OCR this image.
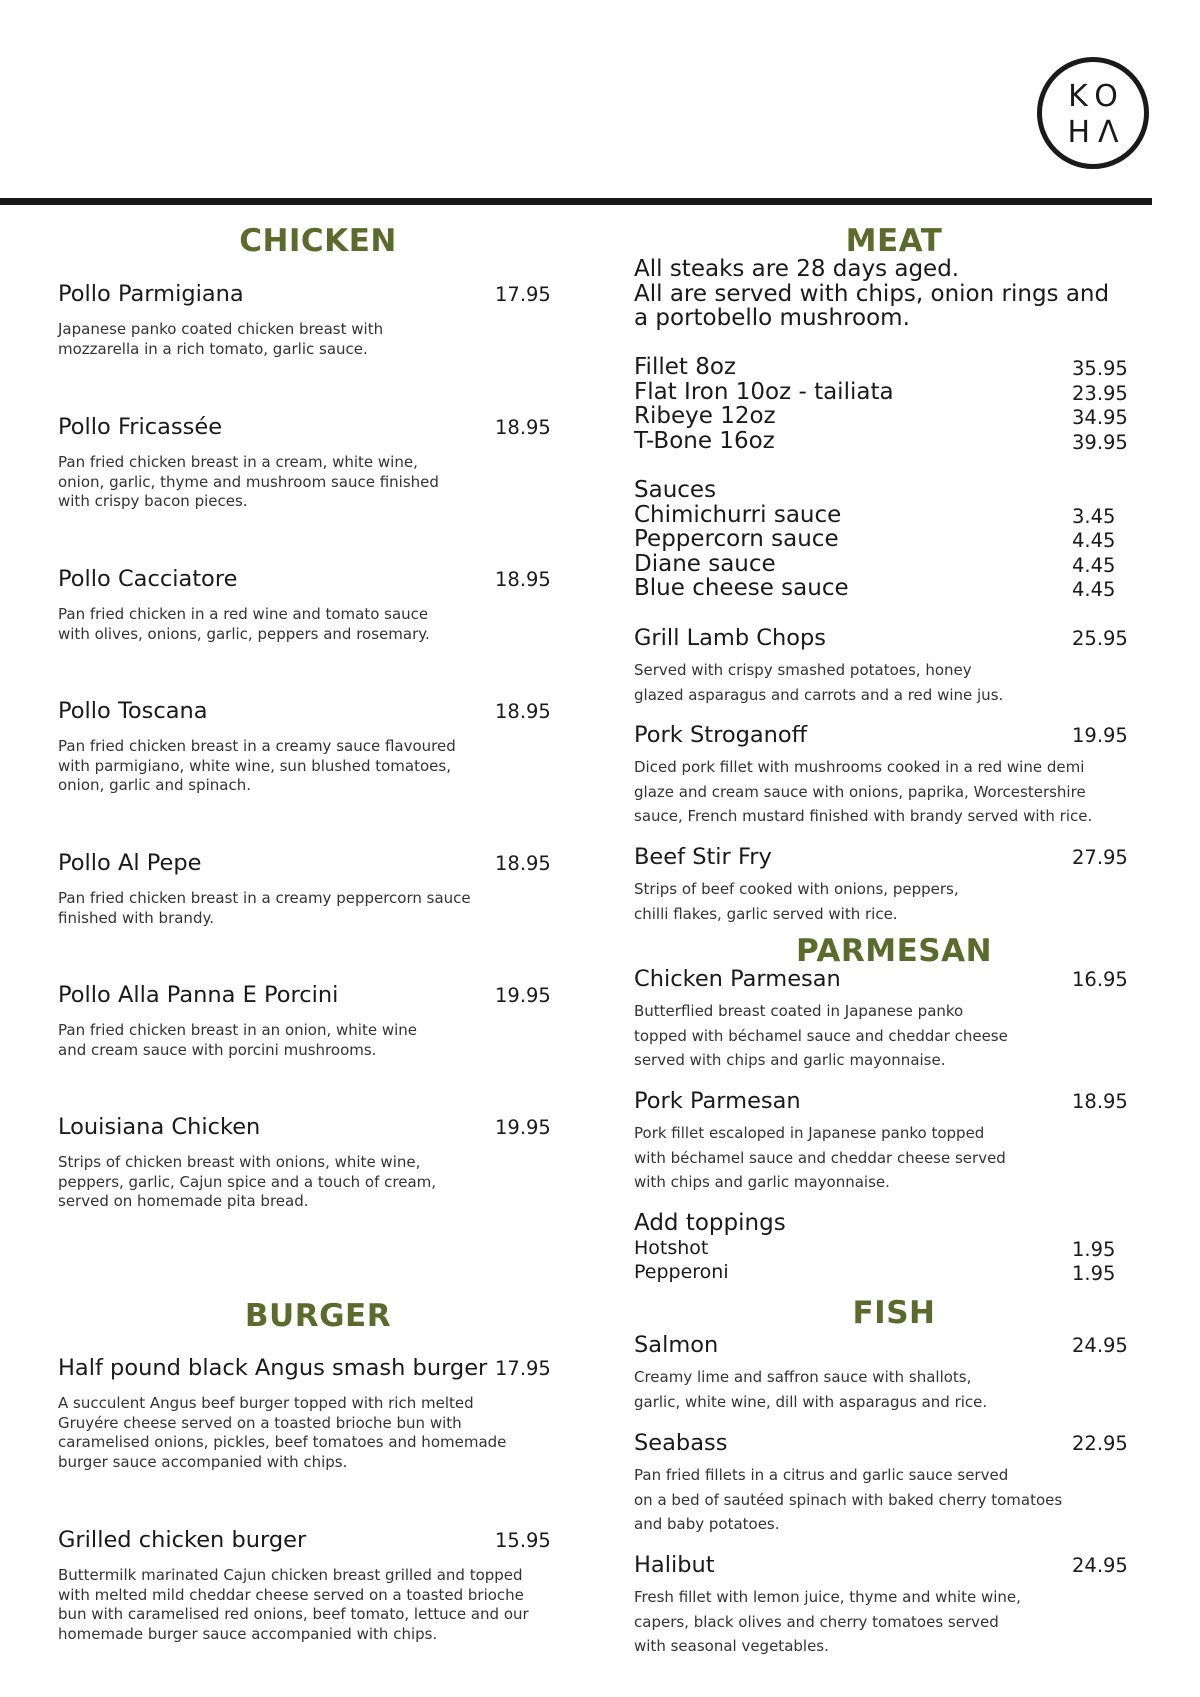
KO
HΛ
CHICKEN
Pollo Parmigiana	17.95
Japanese panko coated chicken breast with
mozzarella in a rich tomato, garlic sauce.
Pollo Fricassée	18.95
Pan fried chicken breast in a cream, white wine,
onion, garlic, thyme and mushroom sauce finished
with crispy bacon pieces.
Pollo Cacciatore	18.95
Pan fried chicken in a red wine and tomato sauce
with olives, onions, garlic, peppers and rosemary.
Pollo Toscana	18.95
Pan fried chicken breast in a creamy sauce flavoured
with parmigiano, white wine, sun blushed tomatoes,
onion, garlic and spinach.
Pollo Al Pepe	18.95
Pan fried chicken breast in a creamy peppercorn sauce
finished with brandy.
Pollo Alla Panna E Porcini	19.95
Pan fried chicken breast in an onion, white wine
and cream sauce with porcini mushrooms.
Louisiana Chicken	19.95
Strips of chicken breast with onions, white wine,
peppers, garlic, Cajun spice and a touch of cream,
served on homemade pita bread.
BURGER
Half pound black Angus smash burger 17.95
A succulent Angus beef burger topped with rich melted
Gruyére cheese served on a toasted brioche bun with
caramelised onions, pickles, beef tomatoes and homemade
burger sauce accompanied with chips.
Grilled chicken burger	15.95
Buttermilk marinated Cajun chicken breast grilled and topped
with melted mild cheddar cheese served on a toasted brioche
bun with caramelised red onions, beef tomato, lettuce and our
homemade burger sauce accompanied with chips.
MEAT
All steaks are 28 days aged.
All are served with chips, onion rings and
a portobello mushroom.
Fillet 8oz	35.95
Flat Iron 10oz - tailiata	23.95
Ribeye 12oz	34.95
T-Bone 16oz	39.95
Sauces
Chimichurri sauce	3.45
Peppercorn sauce	4.45
Diane sauce	4.45
Blue cheese sauce	4.45
Grill Lamb Chops	25.95
Served with crispy smashed potatoes, honey
glazed asparagus and carrots and a red wine jus.
Pork Stroganoff	19.95
Diced pork fillet with mushrooms cooked in a red wine demi
glaze and cream sauce with onions, paprika, Worcestershire
sauce, French mustard finished with brandy served with rice.
Beef Stir Fry	27.95
Strips of beef cooked with onions, peppers,
chilli flakes, garlic served with rice.
PARMESAN
Chicken Parmesan	16.95
Butterflied breast coated in Japanese panko
topped with béchamel sauce and cheddar cheese
served with chips and garlic mayonnaise.
Pork Parmesan	18.95
Pork fillet escaloped in Japanese panko topped
with béchamel sauce and cheddar cheese served
with chips and garlic mayonnaise.
Add toppings
Hotshot	1.95
Pepperoni	1.95
FISH
Salmon	24.95
Creamy lime and saffron sauce with shallots,
garlic, white wine, dill with asparagus and rice.
Seabass	22.95
Pan fried fillets in a citrus and garlic sauce served
on a bed of sautéed spinach with baked cherry tomatoes
and baby potatoes.
Halibut	24.95
Fresh fillet with lemon juice, thyme and white wine,
capers, black olives and cherry tomatoes served
with seasonal vegetables.
